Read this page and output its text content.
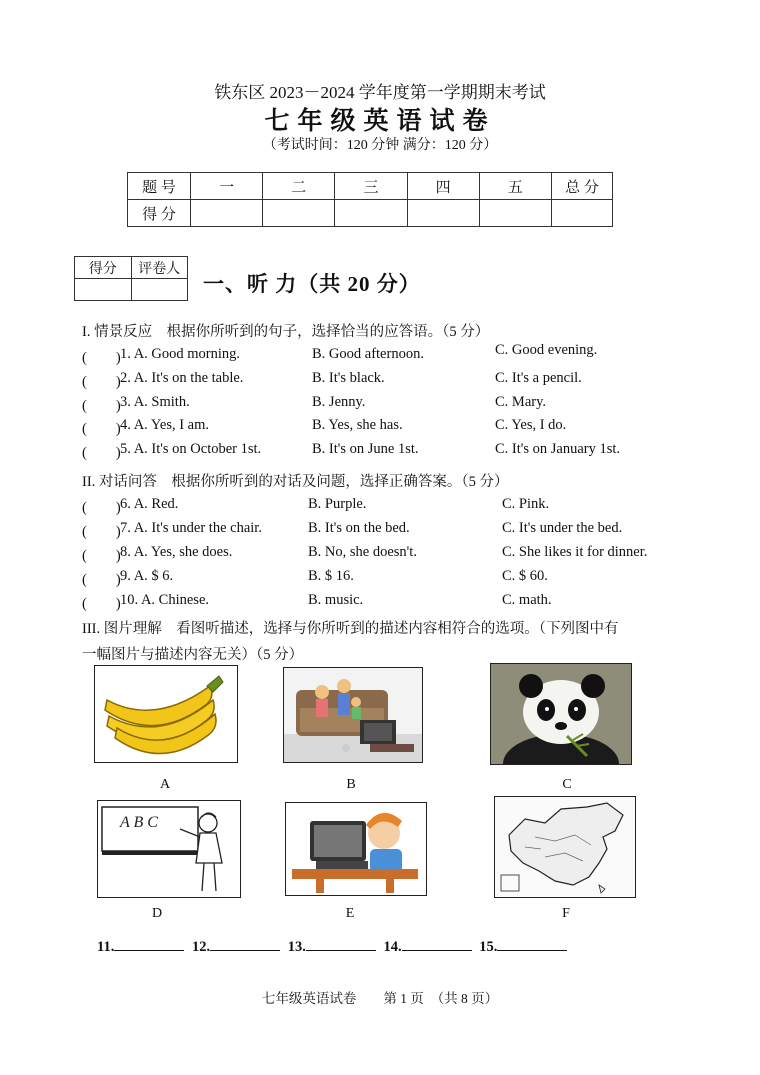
铁东区 2023－2024 学年度第一学期期末考试
七年级英语试卷
（考试时间：120 分钟 满分：120 分）
题 号	一	二	三	四	五	总 分
得 分						
得分	评卷人

一、听 力（共 20 分）
I. 情景反应　根据你所听到的句子，选择恰当的应答语。（5 分）
(　　) 1. A. Good morning.	B. Good afternoon.	C. Good evening.
(　　) 2. A. It's on the table.	B. It's black.	C. It's a pencil.
(　　) 3. A. Smith.	B. Jenny.	C. Mary.
(　　) 4. A. Yes, I am.	B. Yes, she has.	C. Yes, I do.
(　　) 5. A. It's on October 1st.	B. It's on June 1st.	C. It's on January 1st.
II. 对话问答　根据你所听到的对话及问题，选择正确答案。（5 分）
(　　) 6. A. Red.	B. Purple.	C. Pink.
(　　) 7. A. It's under the chair.	B. It's on the bed.	C. It's under the bed.
(　　) 8. A. Yes, she does.	B. No, she doesn't.	C. She likes it for dinner.
(　　) 9. A. $ 6.	B. $ 16.	C. $ 60.
(　　) 10. A. Chinese.	B. music.	C. math.
III. 图片理解　看图听描述，选择与你所听到的描述内容相符合的选项。（下列图中有
一幅图片与描述内容无关）（5 分）
A	B	C
A B C
D	E	F
11.	12.	13.	14.	15.
七年级英语试卷　　第 1 页　（共 8 页）
